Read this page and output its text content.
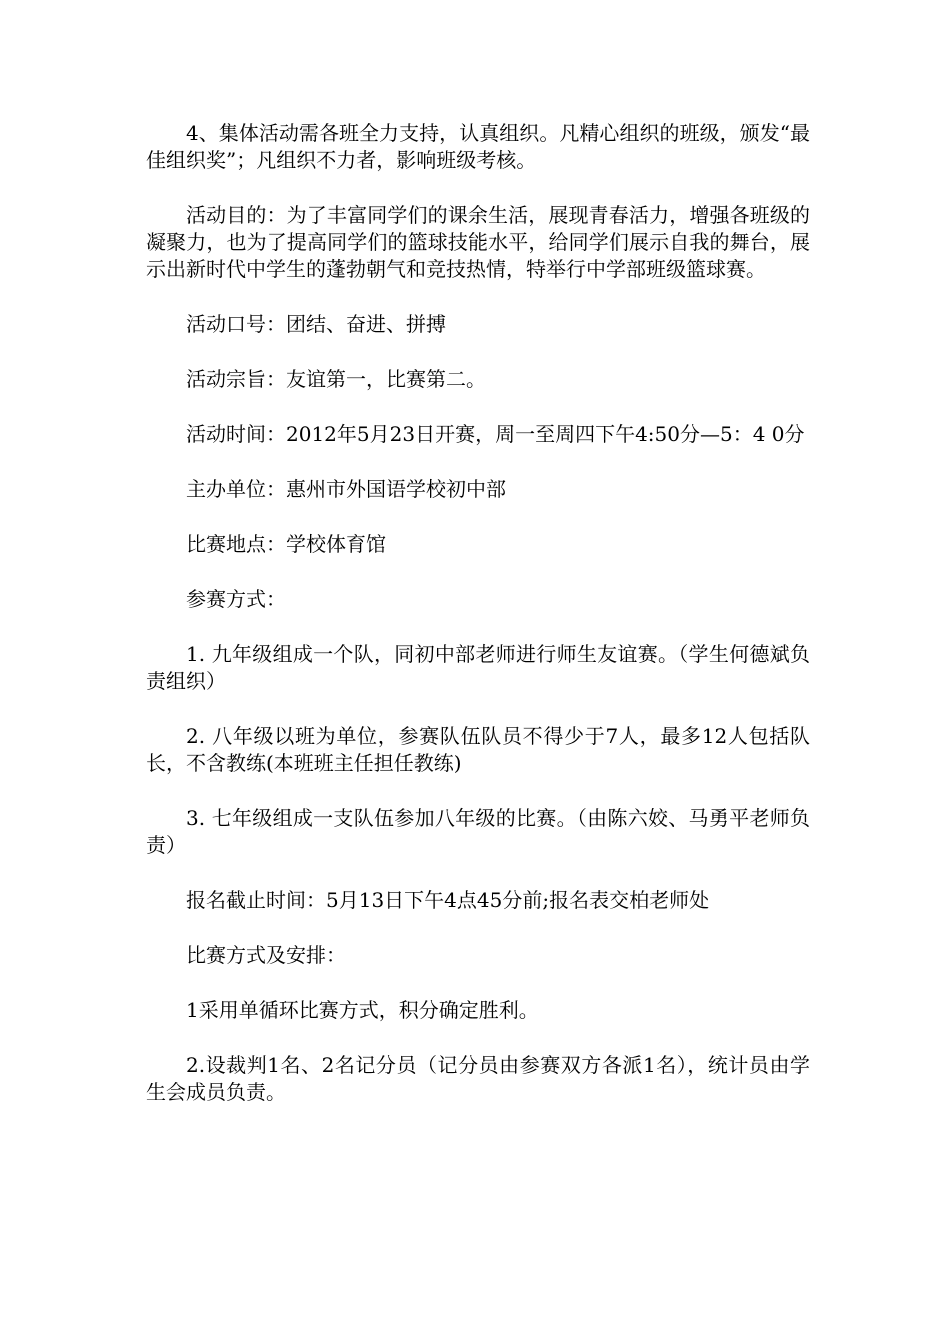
4、集体活动需各班全力支持，认真组织。凡精心组织的班级，颁发“最佳组织奖”；凡组织不力者，影响班级考核。

活动目的：为了丰富同学们的课余生活，展现青春活力，增强各班级的凝聚力，也为了提高同学们的篮球技能水平，给同学们展示自我的舞台，展示出新时代中学生的蓬勃朝气和竞技热情，特举行中学部班级篮球赛。

活动口号：团结、奋进、拼搏

活动宗旨：友谊第一，比赛第二。

活动时间：2012年5月23日开赛，周一至周四下午4:50分—5：4 0分

主办单位：惠州市外国语学校初中部

比赛地点：学校体育馆

参赛方式：

1. 九年级组成一个队，同初中部老师进行师生友谊赛。（学生何德斌负责组织）

2. 八年级以班为单位，参赛队伍队员不得少于7人，最多12人包括队长，不含教练(本班班主任担任教练)

3. 七年级组成一支队伍参加八年级的比赛。（由陈六姣、马勇平老师负责）

报名截止时间：5月13日下午4点45分前;报名表交柏老师处

比赛方式及安排：

1采用单循环比赛方式，积分确定胜利。

2.设裁判1名、2名记分员（记分员由参赛双方各派1名），统计员由学生会成员负责。
